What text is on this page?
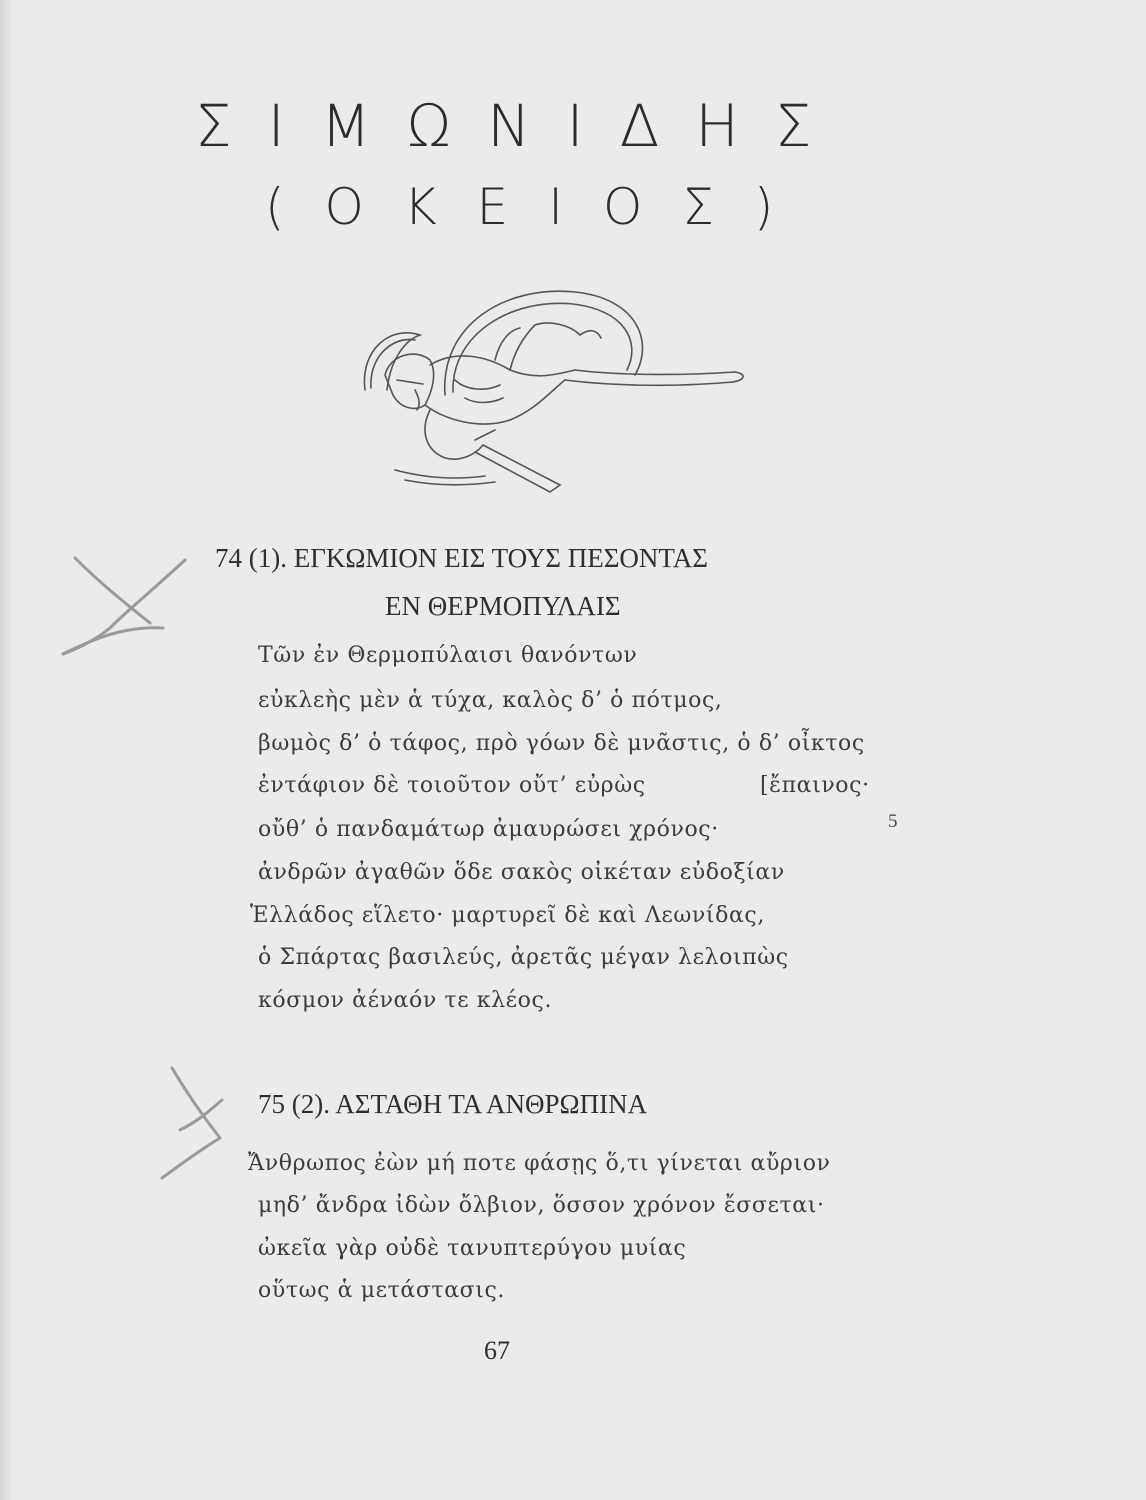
ΣΙΜΩΝΙΔΗΣ
(ΟΚΕΙΟΣ)
74 (1). ΕΓΚΩΜΙΟΝ ΕΙΣ ΤΟΥΣ ΠΕΣΟΝΤΑΣ
ΕΝ ΘΕΡΜΟΠΥΛΑΙΣ
Τῶν ἐν Θερμοπύλαισι θανόντων
εὐκλεὴς μὲν ἁ τύχα, καλὸς δ’ ὁ πότμος,
βωμὸς δ’ ὁ τάφος, πρὸ γόων δὲ μνᾶστις, ὁ δ’ οἶκτος
ἐντάφιον δὲ τοιοῦτον οὔτ’ εὐρὼς	[ἔπαινος·
οὔθ’ ὁ πανδαμάτωρ ἀμαυρώσει χρόνος·	5
ἀνδρῶν ἀγαθῶν ὅδε σακὸς οἰκέταν εὐδοξίαν
Ἑλλάδος εἵλετο· μαρτυρεῖ δὲ καὶ Λεωνίδας,
ὁ Σπάρτας βασιλεύς, ἀρετᾶς μέγαν λελοιπὼς
κόσμον ἀέναόν τε κλέος.
75 (2). ΑΣΤΑΘΗ ΤΑ ΑΝΘΡΩΠΙΝΑ
Ἄνθρωπος ἐὼν μή ποτε φάσῃς ὅ,τι γίνεται αὔριον
μηδ’ ἄνδρα ἰδὼν ὄλβιον, ὅσσον χρόνον ἔσσεται·
ὠκεῖα γὰρ οὐδὲ τανυπτερύγου μυίας
οὕτως ἁ μετάστασις.
67
